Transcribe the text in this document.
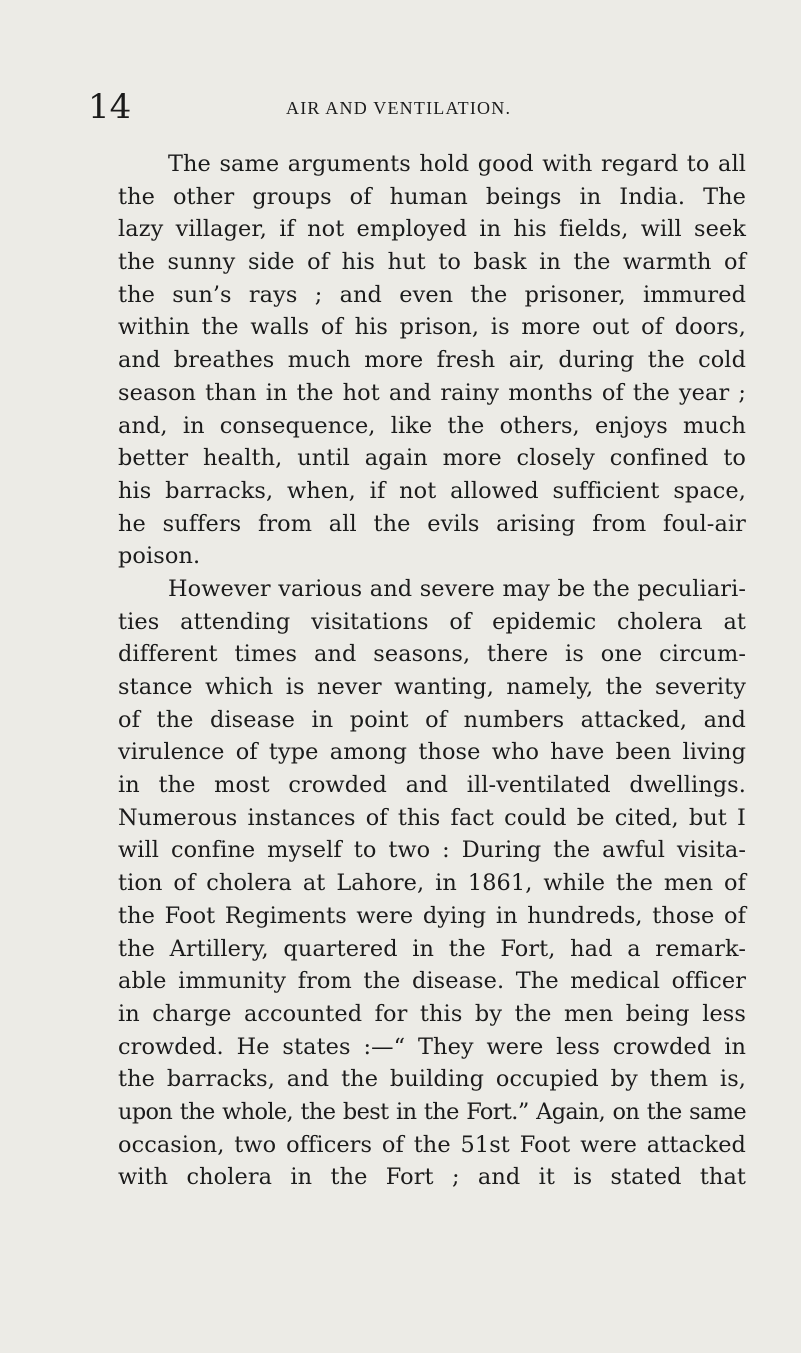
14	AIR AND VENTILATION.
The same arguments hold good with regard to all
the other groups of human beings in India. The
lazy villager, if not employed in his fields, will seek
the sunny side of his hut to bask in the warmth of
the sun’s rays ; and even the prisoner, immured
within the walls of his prison, is more out of doors,
and breathes much more fresh air, during the cold
season than in the hot and rainy months of the year ;
and, in consequence, like the others, enjoys much
better health, until again more closely confined to
his barracks, when, if not allowed sufficient space,
he suffers from all the evils arising from foul-air
poison.
However various and severe may be the peculiari-
ties attending visitations of epidemic cholera at
different times and seasons, there is one circum-
stance which is never wanting, namely, the severity
of the disease in point of numbers attacked, and
virulence of type among those who have been living
in the most crowded and ill-ventilated dwellings.
Numerous instances of this fact could be cited, but I
will confine myself to two : During the awful visita-
tion of cholera at Lahore, in 1861, while the men of
the Foot Regiments were dying in hundreds, those of
the Artillery, quartered in the Fort, had a remark-
able immunity from the disease. The medical officer
in charge accounted for this by the men being less
crowded. He states :—“ They were less crowded in
the barracks, and the building occupied by them is,
upon the whole, the best in the Fort.” Again, on the same
occasion, two officers of the 51st Foot were attacked
with cholera in the Fort ; and it is stated that
